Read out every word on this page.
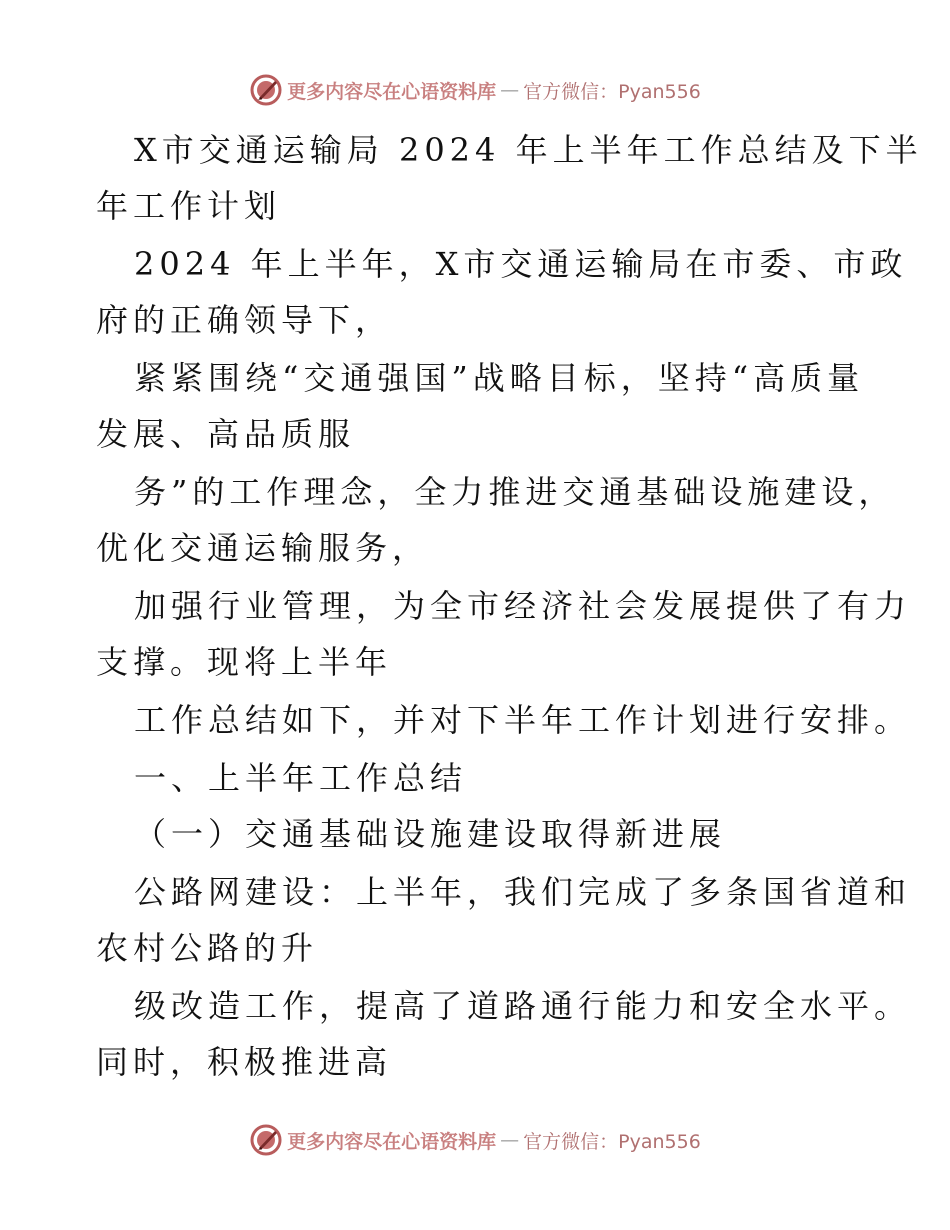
更多内容尽在心语资料库 — 官方微信：Pyan556
X市交通运输局 2024 年上半年工作总结及下半
年工作计划
2024 年上半年，X市交通运输局在市委、市政
府的正确领导下，
紧紧围绕“交通强国”战略目标，坚持“高质量
发展、高品质服
务”的工作理念，全力推进交通基础设施建设，
优化交通运输服务，
加强行业管理，为全市经济社会发展提供了有力
支撑。现将上半年
工作总结如下，并对下半年工作计划进行安排。
一、上半年工作总结
（一）交通基础设施建设取得新进展
公路网建设：上半年，我们完成了多条国省道和
农村公路的升
级改造工作，提高了道路通行能力和安全水平。
同时，积极推进高
更多内容尽在心语资料库 — 官方微信：Pyan556
